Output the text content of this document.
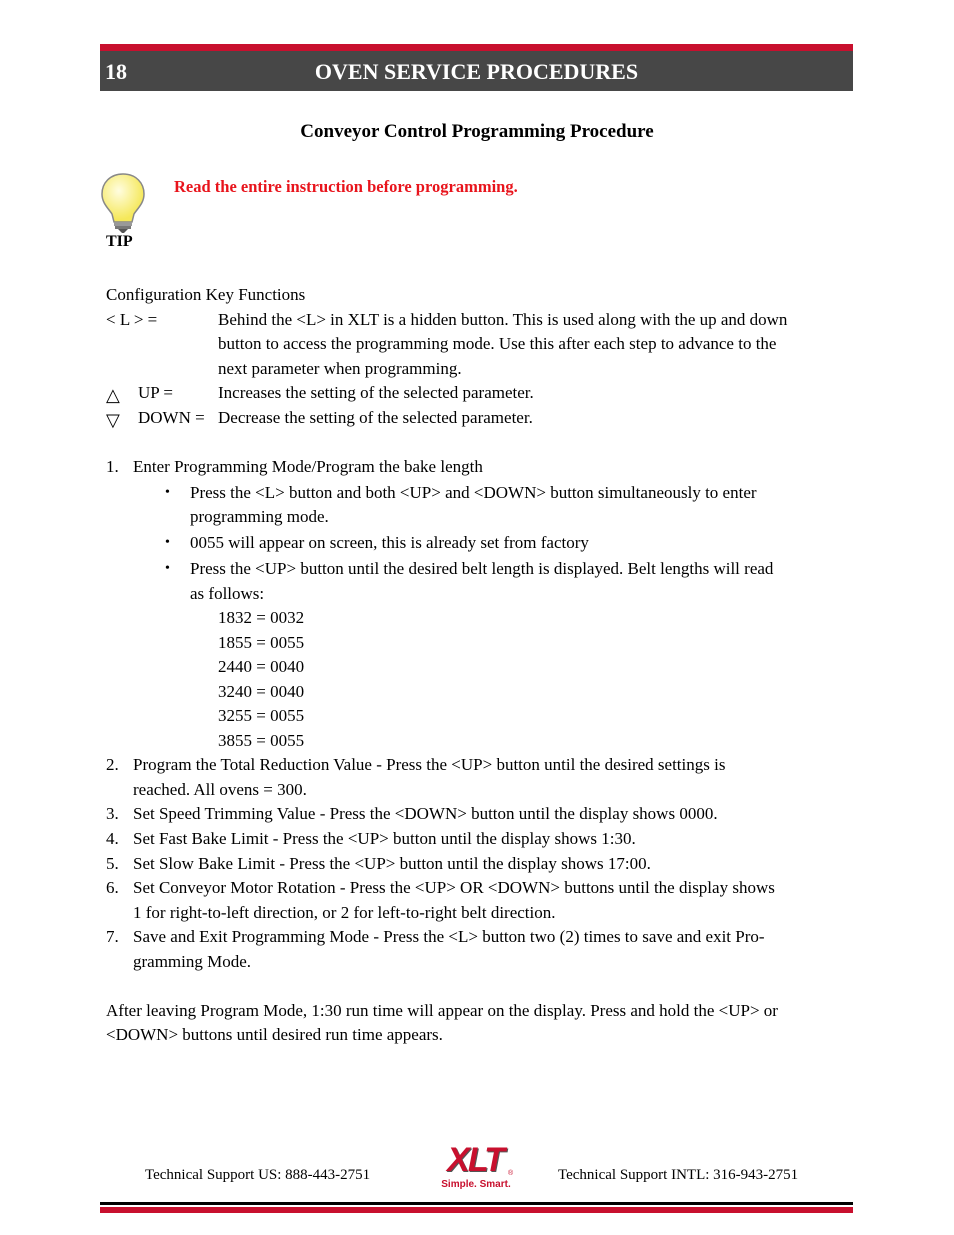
18	OVEN SERVICE PROCEDURES
Conveyor Control Programming Procedure
Read the entire instruction before programming.
TIP
Configuration Key Functions
< L > =	Behind the <L> in XLT is a hidden button. This is used along with the up and down
button to access the programming mode. Use this after each step to advance to the
next parameter when programming.
△ UP =	Increases the setting of the selected parameter.
▽ DOWN = Decrease the setting of the selected parameter.
1. Enter Programming Mode/Program the bake length
• Press the <L> button and both <UP> and <DOWN> button simultaneously to enter
programming mode.
• 0055 will appear on screen, this is already set from factory
• Press the <UP> button until the desired belt length is displayed. Belt lengths will read
as follows:
1832 = 0032
1855 = 0055
2440 = 0040
3240 = 0040
3255 = 0055
3855 = 0055
2. Program the Total Reduction Value - Press the <UP> button until the desired settings is
reached. All ovens = 300.
3. Set Speed Trimming Value - Press the <DOWN> button until the display shows 0000.
4. Set Fast Bake Limit - Press the <UP> button until the display shows 1:30.
5. Set Slow Bake Limit - Press the <UP> button until the display shows 17:00.
6. Set Conveyor Motor Rotation - Press the <UP> OR <DOWN> buttons until the display shows
1 for right-to-left direction, or 2 for left-to-right belt direction.
7. Save and Exit Programming Mode - Press the <L> button two (2) times to save and exit Pro-
gramming Mode.
After leaving Program Mode, 1:30 run time will appear on the display. Press and hold the <UP> or
<DOWN> buttons until desired run time appears.
Technical Support US: 888-443-2751	XLT ®
Simple. Smart.
Technical Support INTL: 316-943-2751
